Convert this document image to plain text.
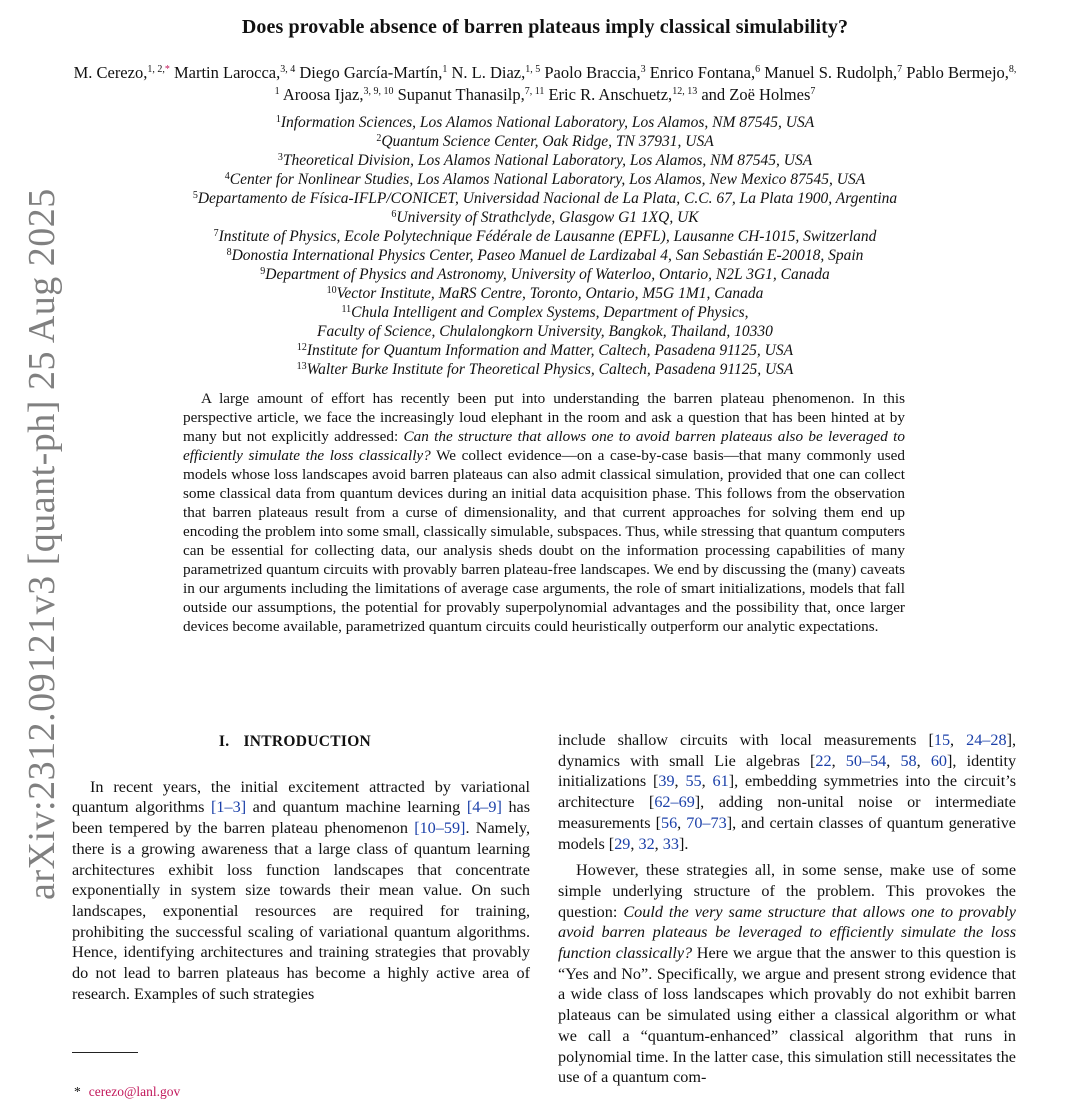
arXiv:2312.09121v3 [quant-ph] 25 Aug 2025
Does provable absence of barren plateaus imply classical simulability?
M. Cerezo,$^{1, 2,*}$ Martin Larocca,$^{3, 4}$ Diego García-Martín,$^1$ N. L. Diaz,$^{1, 5}$ Paolo Braccia,$^3$ Enrico Fontana,$^6$ Manuel S. Rudolph,$^7$ Pablo Bermejo,$^{8, 1}$ Aroosa Ijaz,$^{3, 9, 10}$ Supanut Thanasilp,$^{7, 11}$ Eric R. Anschuetz,$^{12, 13}$ and Zoë Holmes$^7$
$^1$Information Sciences, Los Alamos National Laboratory, Los Alamos, NM 87545, USA
$^2$Quantum Science Center, Oak Ridge, TN 37931, USA
$^3$Theoretical Division, Los Alamos National Laboratory, Los Alamos, NM 87545, USA
$^4$Center for Nonlinear Studies, Los Alamos National Laboratory, Los Alamos, New Mexico 87545, USA
$^5$Departamento de Física-IFLP/CONICET, Universidad Nacional de La Plata, C.C. 67, La Plata 1900, Argentina
$^6$University of Strathclyde, Glasgow G1 1XQ, UK
$^7$Institute of Physics, Ecole Polytechnique Fédérale de Lausanne (EPFL), Lausanne CH-1015, Switzerland
$^8$Donostia International Physics Center, Paseo Manuel de Lardizabal 4, San Sebastián E-20018, Spain
$^9$Department of Physics and Astronomy, University of Waterloo, Ontario, N2L 3G1, Canada
$^{10}$Vector Institute, MaRS Centre, Toronto, Ontario, M5G 1M1, Canada
$^{11}$Chula Intelligent and Complex Systems, Department of Physics,
Faculty of Science, Chulalongkorn University, Bangkok, Thailand, 10330
$^{12}$Institute for Quantum Information and Matter, Caltech, Pasadena 91125, USA
$^{13}$Walter Burke Institute for Theoretical Physics, Caltech, Pasadena 91125, USA
A large amount of effort has recently been put into understanding the barren plateau phenomenon. In this perspective article, we face the increasingly loud elephant in the room and ask a question that has been hinted at by many but not explicitly addressed: Can the structure that allows one to avoid barren plateaus also be leveraged to efficiently simulate the loss classically? We collect evidence—on a case-by-case basis—that many commonly used models whose loss landscapes avoid barren plateaus can also admit classical simulation, provided that one can collect some classical data from quantum devices during an initial data acquisition phase. This follows from the observation that barren plateaus result from a curse of dimensionality, and that current approaches for solving them end up encoding the problem into some small, classically simulable, subspaces. Thus, while stressing that quantum computers can be essential for collecting data, our analysis sheds doubt on the information processing capabilities of many parametrized quantum circuits with provably barren plateau-free landscapes. We end by discussing the (many) caveats in our arguments including the limitations of average case arguments, the role of smart initializations, models that fall outside our assumptions, the potential for provably superpolynomial advantages and the possibility that, once larger devices become available, parametrized quantum circuits could heuristically outperform our analytic expectations.
I. INTRODUCTION

In recent years, the initial excitement attracted by variational quantum algorithms [1–3] and quantum machine learning [4–9] has been tempered by the barren plateau phenomenon [10–59]. Namely, there is a growing awareness that a large class of quantum learning architectures exhibit loss function landscapes that concentrate exponentially in system size towards their mean value. On such landscapes, exponential resources are required for training, prohibiting the successful scaling of variational quantum algorithms. Hence, identifying architectures and training strategies that provably do not lead to barren plateaus has become a highly active area of research. Examples of such strategies

include shallow circuits with local measurements [15, 24–28], dynamics with small Lie algebras [22, 50–54, 58, 60], identity initializations [39, 55, 61], embedding symmetries into the circuit’s architecture [62–69], adding non-unital noise or intermediate measurements [56, 70–73], and certain classes of quantum generative models [29, 32, 33].

However, these strategies all, in some sense, make use of some simple underlying structure of the problem. This provokes the question: Could the very same structure that allows one to provably avoid barren plateaus be leveraged to efficiently simulate the loss function classically? Here we argue that the answer to this question is “Yes and No”. Specifically, we argue and present strong evidence that a wide class of loss landscapes which provably do not exhibit barren plateaus can be simulated using either a classical algorithm or what we call a “quantum-enhanced” classical algorithm that runs in polynomial time. In the latter case, this simulation still necessitates the use of a quantum com-

* cerezo@lanl.gov
